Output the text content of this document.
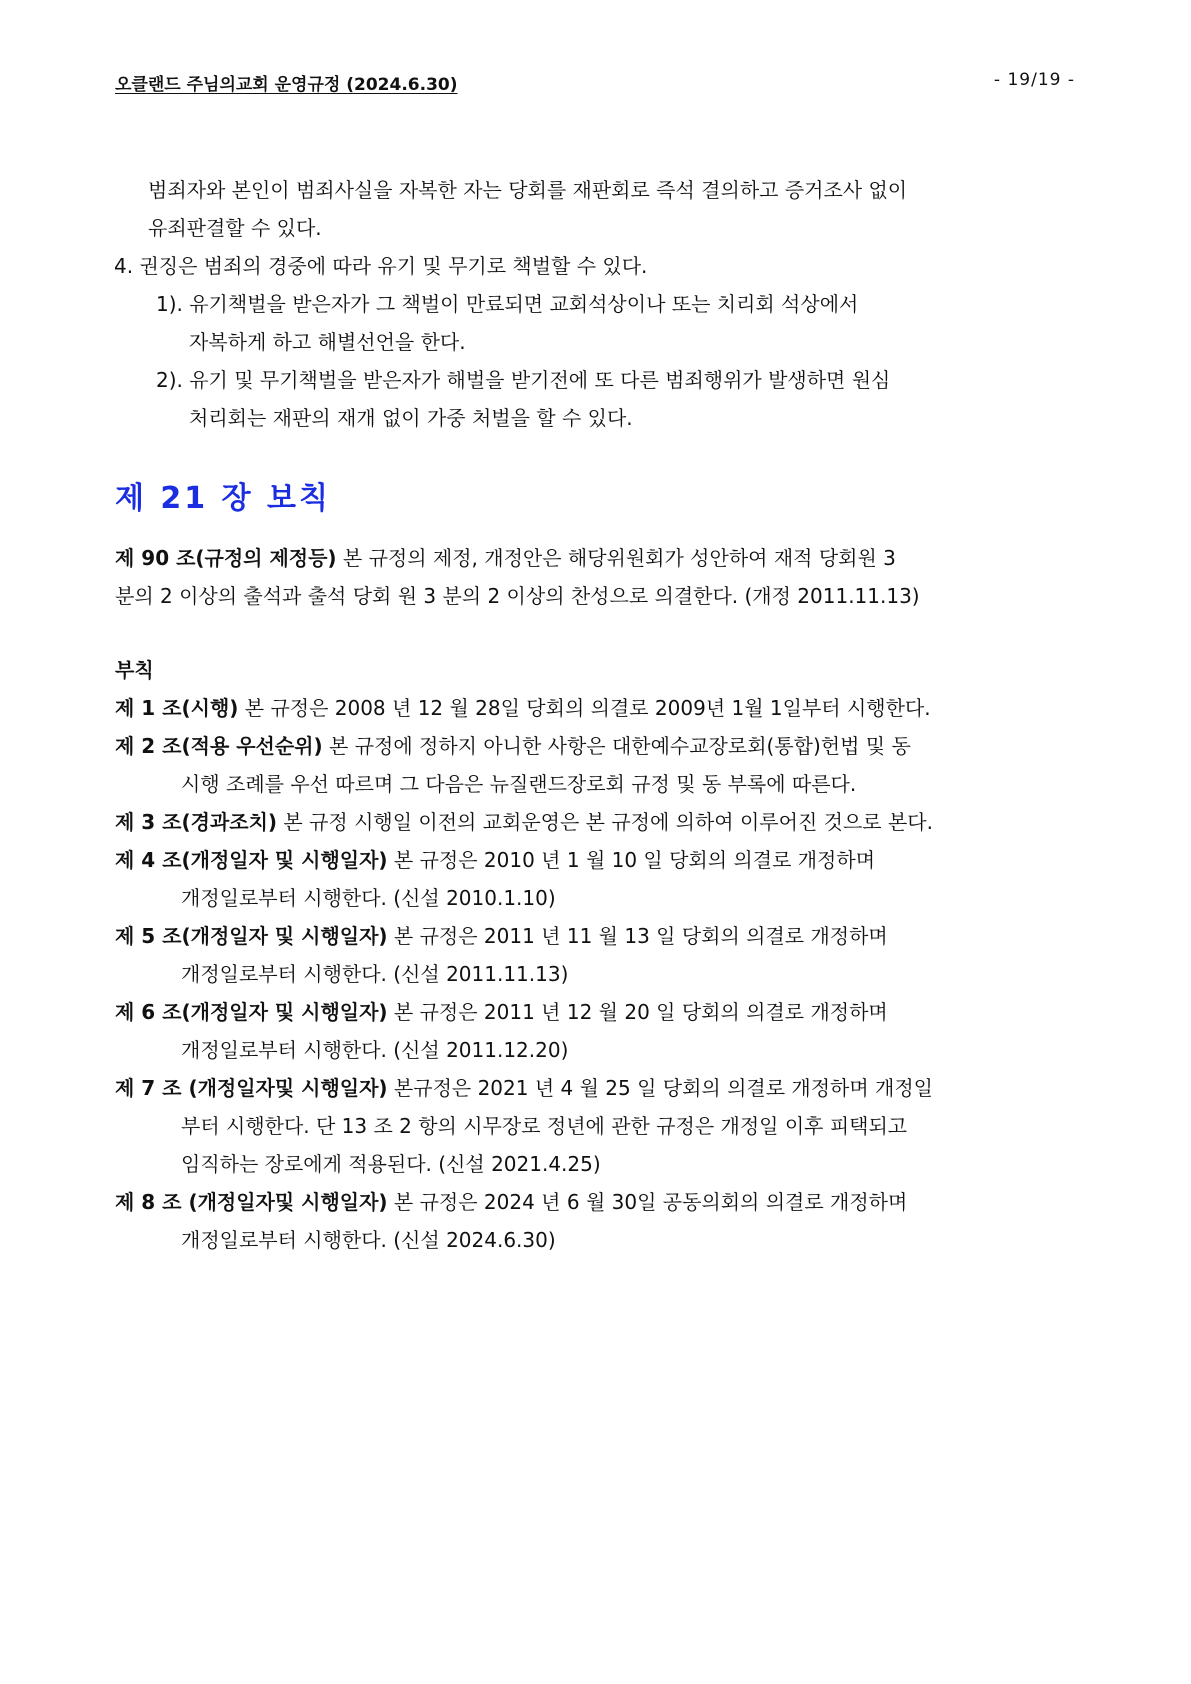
오클랜드 주님의교회 운영규정 (2024.6.30)	- 19/19 -
범죄자와 본인이 범죄사실을 자복한 자는 당회를 재판회로 즉석 결의하고 증거조사 없이
유죄판결할 수 있다.
4. 권징은 범죄의 경중에 따라 유기 및 무기로 책벌할 수 있다.
1). 유기책벌을 받은자가 그 책벌이 만료되면 교회석상이나 또는 치리회 석상에서
자복하게 하고 해별선언을 한다.
2). 유기 및 무기책벌을 받은자가 해벌을 받기전에 또 다른 범죄행위가 발생하면 원심
처리회는 재판의 재개 없이 가중 처벌을 할 수 있다.
제 21 장 보칙
제 90 조(규정의 제정등) 본 규정의 제정, 개정안은 해당위원회가 성안하여 재적 당회원 3
분의 2 이상의 출석과 출석 당회 원 3 분의 2 이상의 찬성으로 의결한다. (개정 2011.11.13)
부칙
제 1 조(시행) 본 규정은 2008 년 12 월 28일 당회의 의결로 2009년 1월 1일부터 시행한다.
제 2 조(적용 우선순위) 본 규정에 정하지 아니한 사항은 대한예수교장로회(통합)헌법 및 동
시행 조례를 우선 따르며 그 다음은 뉴질랜드장로회 규정 및 동 부록에 따른다.
제 3 조(경과조치) 본 규정 시행일 이전의 교회운영은 본 규정에 의하여 이루어진 것으로 본다.
제 4 조(개정일자 및 시행일자) 본 규정은 2010 년 1 월 10 일 당회의 의결로 개정하며
개정일로부터 시행한다. (신설 2010.1.10)
제 5 조(개정일자 및 시행일자) 본 규정은 2011 년 11 월 13 일 당회의 의결로 개정하며
개정일로부터 시행한다. (신설 2011.11.13)
제 6 조(개정일자 및 시행일자) 본 규정은 2011 년 12 월 20 일 당회의 의결로 개정하며
개정일로부터 시행한다. (신설 2011.12.20)
제 7 조 (개정일자및 시행일자) 본규정은 2021 년 4 월 25 일 당회의 의결로 개정하며 개정일
부터 시행한다. 단 13 조 2 항의 시무장로 정년에 관한 규정은 개정일 이후 피택되고
임직하는 장로에게 적용된다. (신설 2021.4.25)
제 8 조 (개정일자및 시행일자) 본 규정은 2024 년 6 월 30일 공동의회의 의결로 개정하며
개정일로부터 시행한다. (신설 2024.6.30)
